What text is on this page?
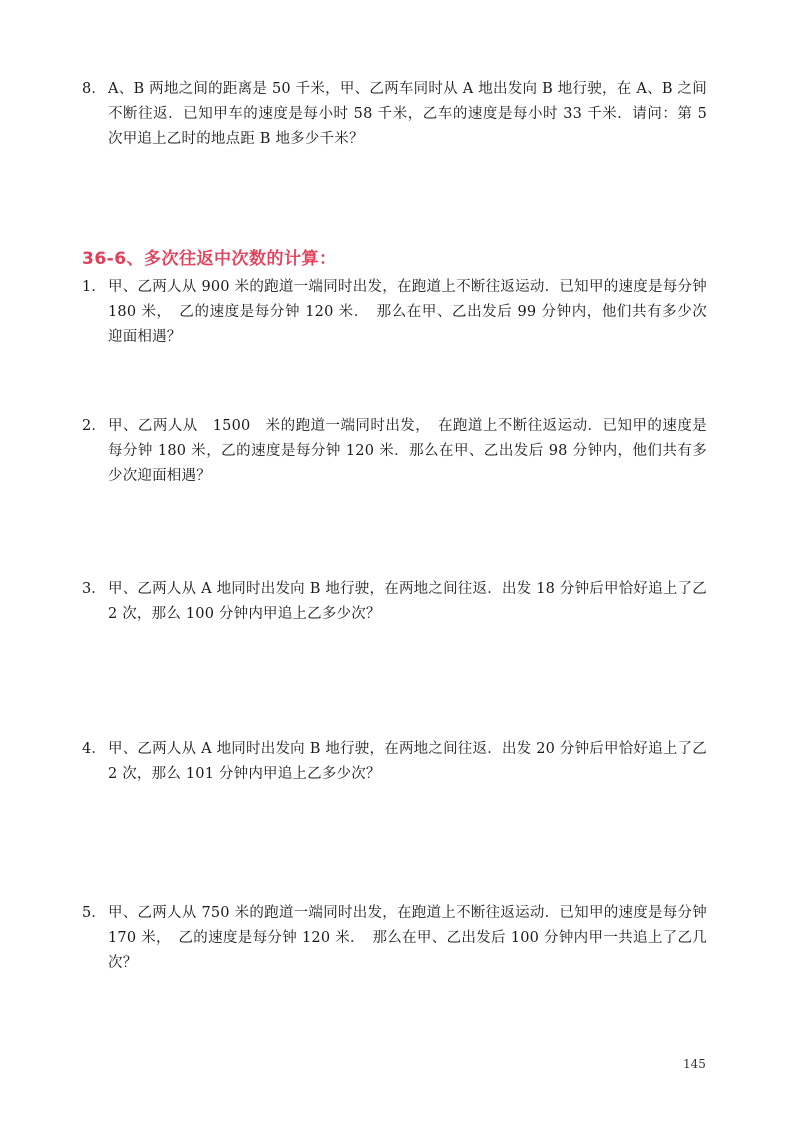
8． A、B 两地之间的距离是 50 千米，甲、乙两车同时从 A 地出发向 B 地行驶，在 A、B 之间不断往返．已知甲车的速度是每小时 58 千米，乙车的速度是每小时 33 千米．请问：第 5 次甲追上乙时的地点距 B 地多少千米？
36-6、多次往返中次数的计算：
1． 甲、乙两人从 900 米的跑道一端同时出发，在跑道上不断往返运动．已知甲的速度是每分钟 180 米，　乙的速度是每分钟 120 米．　那么在甲、乙出发后 99 分钟内，他们共有多少次迎面相遇？
2． 甲、乙两人从　1500　米的跑道一端同时出发，　在跑道上不断往返运动．已知甲的速度是每分钟 180 米，乙的速度是每分钟 120 米．那么在甲、乙出发后 98 分钟内，他们共有多少次迎面相遇？
3． 甲、乙两人从 A 地同时出发向 B 地行驶，在两地之间往返．出发 18 分钟后甲恰好追上了乙 2 次，那么 100 分钟内甲追上乙多少次？
4． 甲、乙两人从 A 地同时出发向 B 地行驶，在两地之间往返．出发 20 分钟后甲恰好追上了乙 2 次，那么 101 分钟内甲追上乙多少次？
5． 甲、乙两人从 750 米的跑道一端同时出发，在跑道上不断往返运动．已知甲的速度是每分钟 170 米，　乙的速度是每分钟 120 米．　那么在甲、乙出发后 100 分钟内甲一共追上了乙几次？
145
